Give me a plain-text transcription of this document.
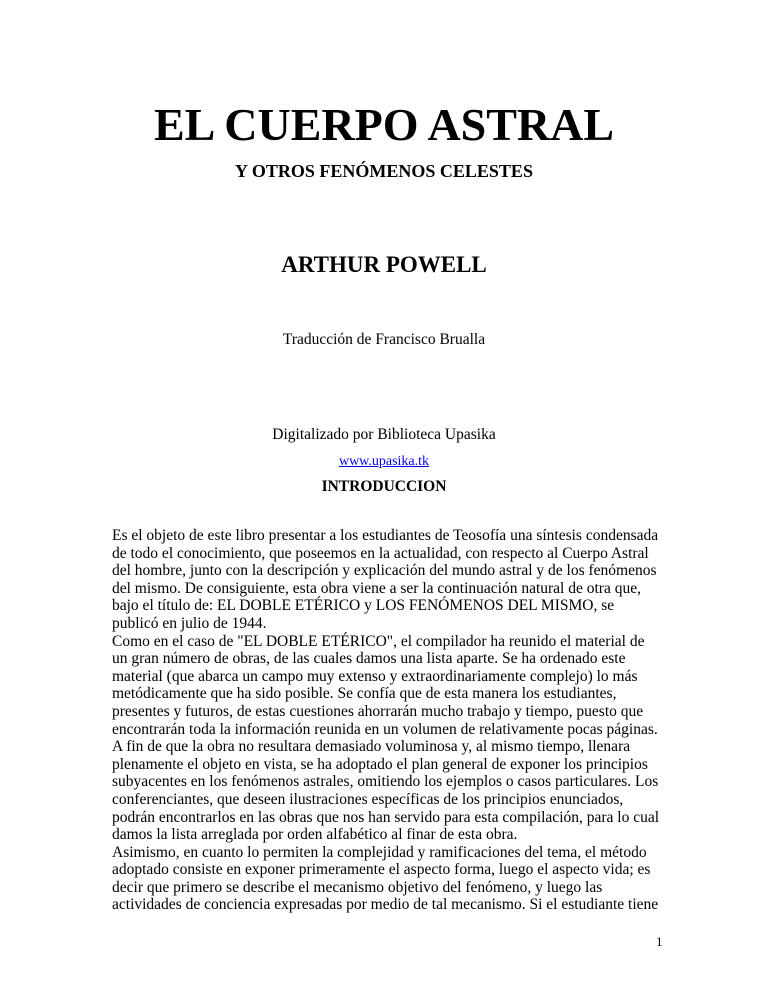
EL CUERPO ASTRAL
Y OTROS FENÓMENOS CELESTES
ARTHUR POWELL
Traducción de Francisco Brualla
Digitalizado por Biblioteca Upasika
www.upasika.tk
INTRODUCCION
Es el objeto de este libro presentar a los estudiantes de Teosofía una síntesis condensada
de todo el conocimiento, que poseemos en la actualidad, con respecto al Cuerpo Astral
del hombre, junto con la descripción y explicación del mundo astral y de los fenómenos
del mismo. De consiguiente, esta obra viene a ser la continuación natural de otra que,
bajo el título de: EL DOBLE ETÉRICO y LOS FENÓMENOS DEL MISMO, se
publicó en julio de 1944.
Como en el caso de "EL DOBLE ETÉRICO", el compilador ha reunido el material de
un gran número de obras, de las cuales damos una lista aparte. Se ha ordenado este
material (que abarca un campo muy extenso y extraordinariamente complejo) lo más
metódicamente que ha sido posible. Se confía que de esta manera los estudiantes,
presentes y futuros, de estas cuestiones ahorrarán mucho trabajo y tiempo, puesto que
encontrarán toda la información reunida en un volumen de relativamente pocas páginas.
A fin de que la obra no resultara demasiado voluminosa y, al mismo tiempo, llenara
plenamente el objeto en vista, se ha adoptado el plan general de exponer los principios
subyacentes en los fenómenos astrales, omitiendo los ejemplos o casos particulares. Los
conferenciantes, que deseen ilustraciones específicas de los principios enunciados,
podrán encontrarlos en las obras que nos han servido para esta compilación, para lo cual
damos la lista arreglada por orden alfabético al finar de esta obra.
Asimismo, en cuanto lo permiten la complejidad y ramificaciones del tema, el método
adoptado consiste en exponer primeramente el aspecto forma, luego el aspecto vida; es
decir que primero se describe el mecanismo objetivo del fenómeno, y luego las
actividades de conciencia expresadas por medio de tal mecanismo. Si el estudiante tiene
1
